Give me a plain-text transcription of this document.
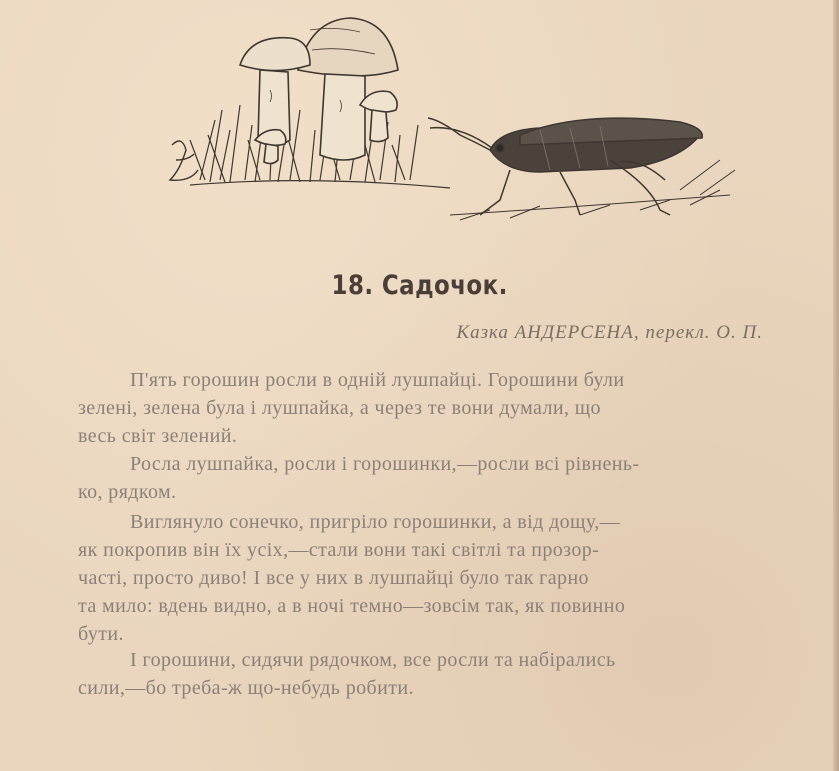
18. Садочок.
Казка АНДЕРСЕНА, перекл. О. П.
П'ять горошин росли в одній лушпайці. Горошини були
зелені, зелена була і лушпайка, а через те вони думали, що
весь світ зелений.
Росла лушпайка, росли і горошинки,—росли всі рівнень-
ко, рядком.
Виглянуло сонечко, пригріло горошинки, а від дощу,—
як покропив він їх усіх,—стали вони такі світлі та прозор-
часті, просто диво! І все у них в лушпайці було так гарно
та мило: вдень видно, а в ночі темно—зовсім так, як повинно
бути.
І горошини, сидячи рядочком, все росли та набірались
сили,—бо треба-ж що-небудь робити.
